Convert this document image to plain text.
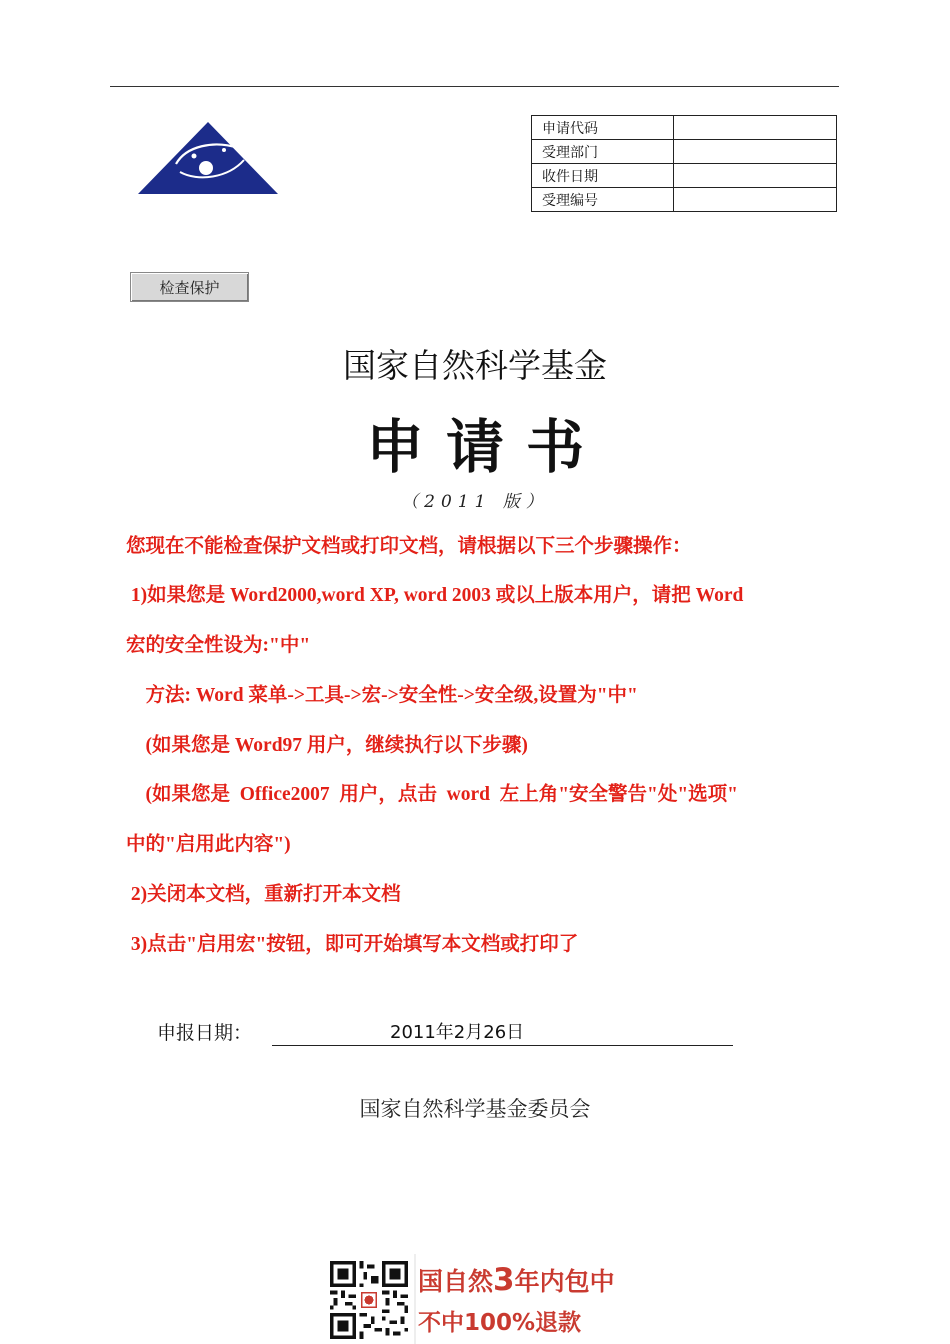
申请代码	
受理部门	
收件日期	
受理编号	
检查保护
国家自然科学基金
申请书
（2011 版）
您现在不能检查保护文档或打印文档，请根据以下三个步骤操作：
1)如果您是 Word2000,word XP, word 2003 或以上版本用户，请把 Word
宏的安全性设为:"中"
方法: Word 菜单->工具->宏->安全性->安全级,设置为"中"
(如果您是 Word97 用户，继续执行以下步骤)
(如果您是  Office2007  用户，点击  word  左上角"安全警告"处"选项"
中的"启用此内容")
2)关闭本文档，重新打开本文档
3)点击"启用宏"按钮，即可开始填写本文档或打印了
申报日期：	2011年2月26日
国家自然科学基金委员会
国自然3年内包中
不中100%退款
